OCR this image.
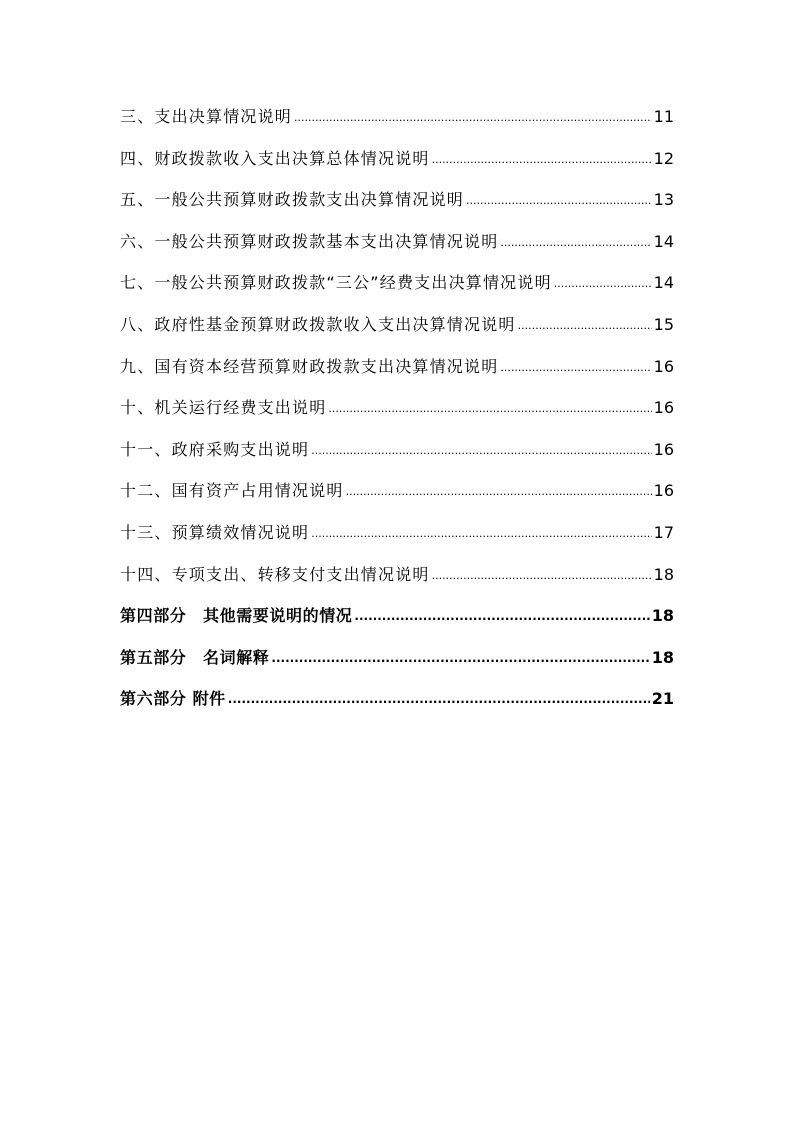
三、支出决算情况说明 .....	11
四、财政拨款收入支出决算总体情况说明 .....	12
五、一般公共预算财政拨款支出决算情况说明 .....	13
六、一般公共预算财政拨款基本支出决算情况说明 .....	14
七、一般公共预算财政拨款“三公”经费支出决算情况说明 .....	14
八、政府性基金预算财政拨款收入支出决算情况说明 .....	15
九、国有资本经营预算财政拨款支出决算情况说明 .....	16
十、机关运行经费支出说明 .....	16
十一、政府采购支出说明 .....	16
十二、国有资产占用情况说明 .....	16
十三、预算绩效情况说明 .....	17
十四、专项支出、转移支付支出情况说明 .....	18
第四部分　其他需要说明的情况 .....	18
第五部分　名词解释 .....	18
第六部分 附件 .....	21
